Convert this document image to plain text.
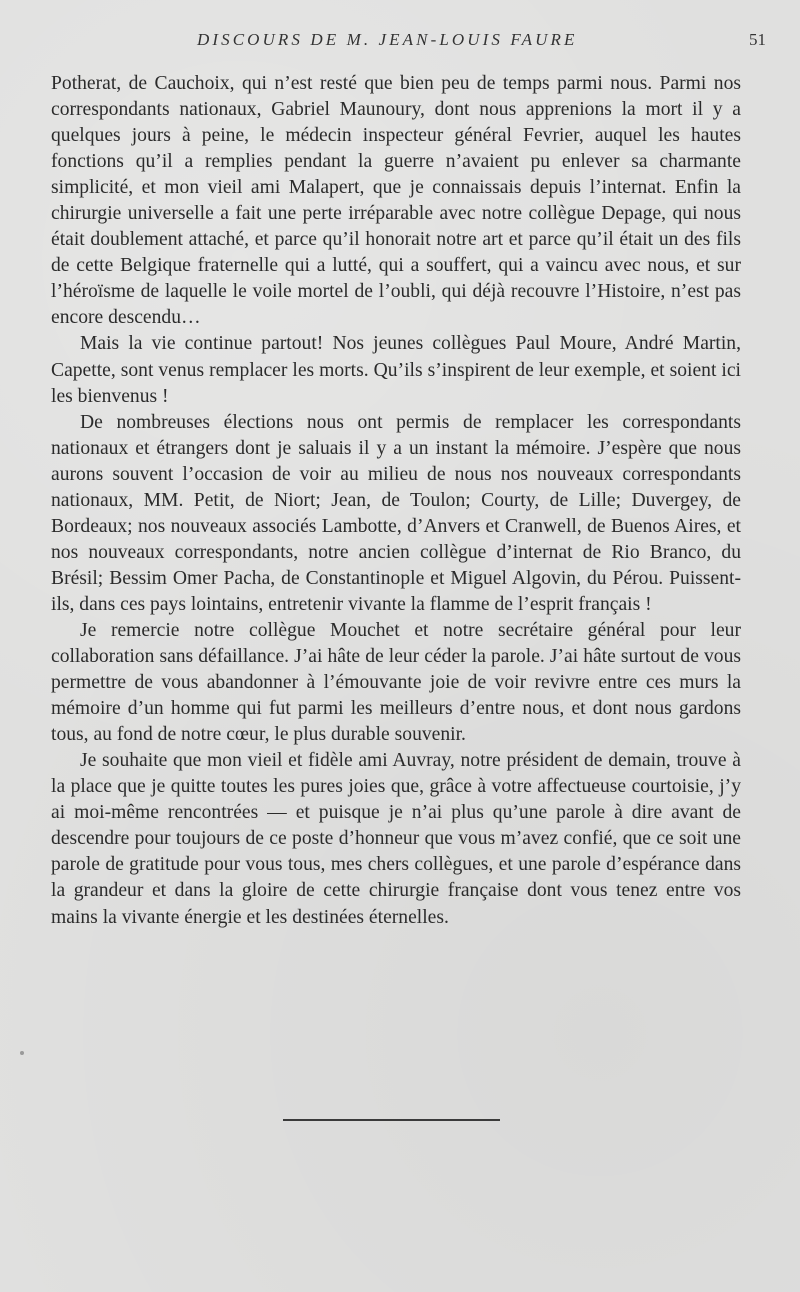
DISCOURS DE M. JEAN-LOUIS FAURE	51

Potherat, de Cauchoix, qui n’est resté que bien peu de temps parmi nous. Parmi nos correspondants nationaux, Gabriel Maunoury, dont nous apprenions la mort il y a quelques jours à peine, le médecin inspecteur général Fevrier, auquel les hautes fonctions qu’il a remplies pendant la guerre n’avaient pu enlever sa charmante simplicité, et mon vieil ami Malapert, que je connaissais depuis l’internat. Enfin la chirurgie universelle a fait une perte irréparable avec notre collègue Depage, qui nous était doublement attaché, et parce qu’il honorait notre art et parce qu’il était un des fils de cette Belgique fraternelle qui a lutté, qui a souffert, qui a vaincu avec nous, et sur l’héroïsme de laquelle le voile mortel de l’oubli, qui déjà recouvre l’Histoire, n’est pas encore descendu…

Mais la vie continue partout! Nos jeunes collègues Paul Moure, André Martin, Capette, sont venus remplacer les morts. Qu’ils s’inspirent de leur exemple, et soient ici les bienvenus !

De nombreuses élections nous ont permis de remplacer les correspondants nationaux et étrangers dont je saluais il y a un instant la mémoire. J’espère que nous aurons souvent l’occasion de voir au milieu de nous nos nouveaux correspondants nationaux, MM. Petit, de Niort; Jean, de Toulon; Courty, de Lille; Duvergey, de Bordeaux; nos nouveaux associés Lambotte, d’Anvers et Cranwell, de Buenos Aires, et nos nouveaux correspondants, notre ancien collègue d’internat de Rio Branco, du Brésil; Bessim Omer Pacha, de Constantinople et Miguel Algovin, du Pérou. Puissent-ils, dans ces pays lointains, entretenir vivante la flamme de l’esprit français !

Je remercie notre collègue Mouchet et notre secrétaire général pour leur collaboration sans défaillance. J’ai hâte de leur céder la parole. J’ai hâte surtout de vous permettre de vous abandonner à l’émouvante joie de voir revivre entre ces murs la mémoire d’un homme qui fut parmi les meilleurs d’entre nous, et dont nous gardons tous, au fond de notre cœur, le plus durable souvenir.

Je souhaite que mon vieil et fidèle ami Auvray, notre président de demain, trouve à la place que je quitte toutes les pures joies que, grâce à votre affectueuse courtoisie, j’y ai moi-même rencontrées — et puisque je n’ai plus qu’une parole à dire avant de descendre pour toujours de ce poste d’honneur que vous m’avez confié, que ce soit une parole de gratitude pour vous tous, mes chers collègues, et une parole d’espérance dans la grandeur et dans la gloire de cette chirurgie française dont vous tenez entre vos mains la vivante énergie et les destinées éternelles.
